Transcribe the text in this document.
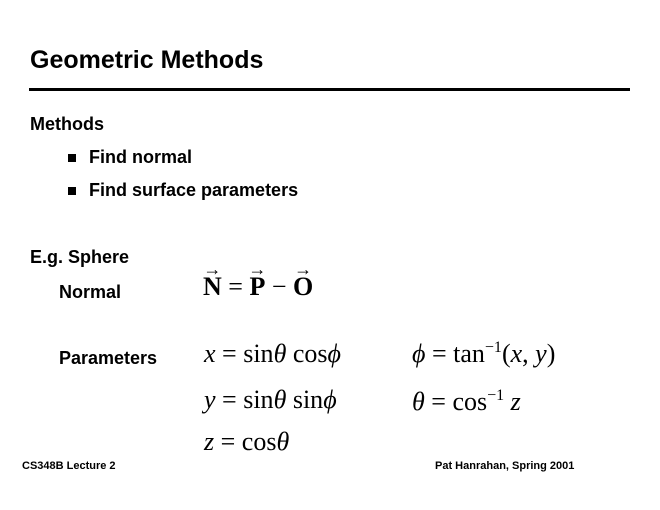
Geometric Methods
Methods
Find normal
Find surface parameters
E.g. Sphere
Normal	→ N = → P − → O
Parameters x = sinθ cosϕ
y = sinθ sinϕ
z = cosθ
$\phi = \tan^{-1}(x$, y)
$\theta = \cos^{-1} z$
CS348B Lecture 2	Pat Hanrahan, Spring 2001
